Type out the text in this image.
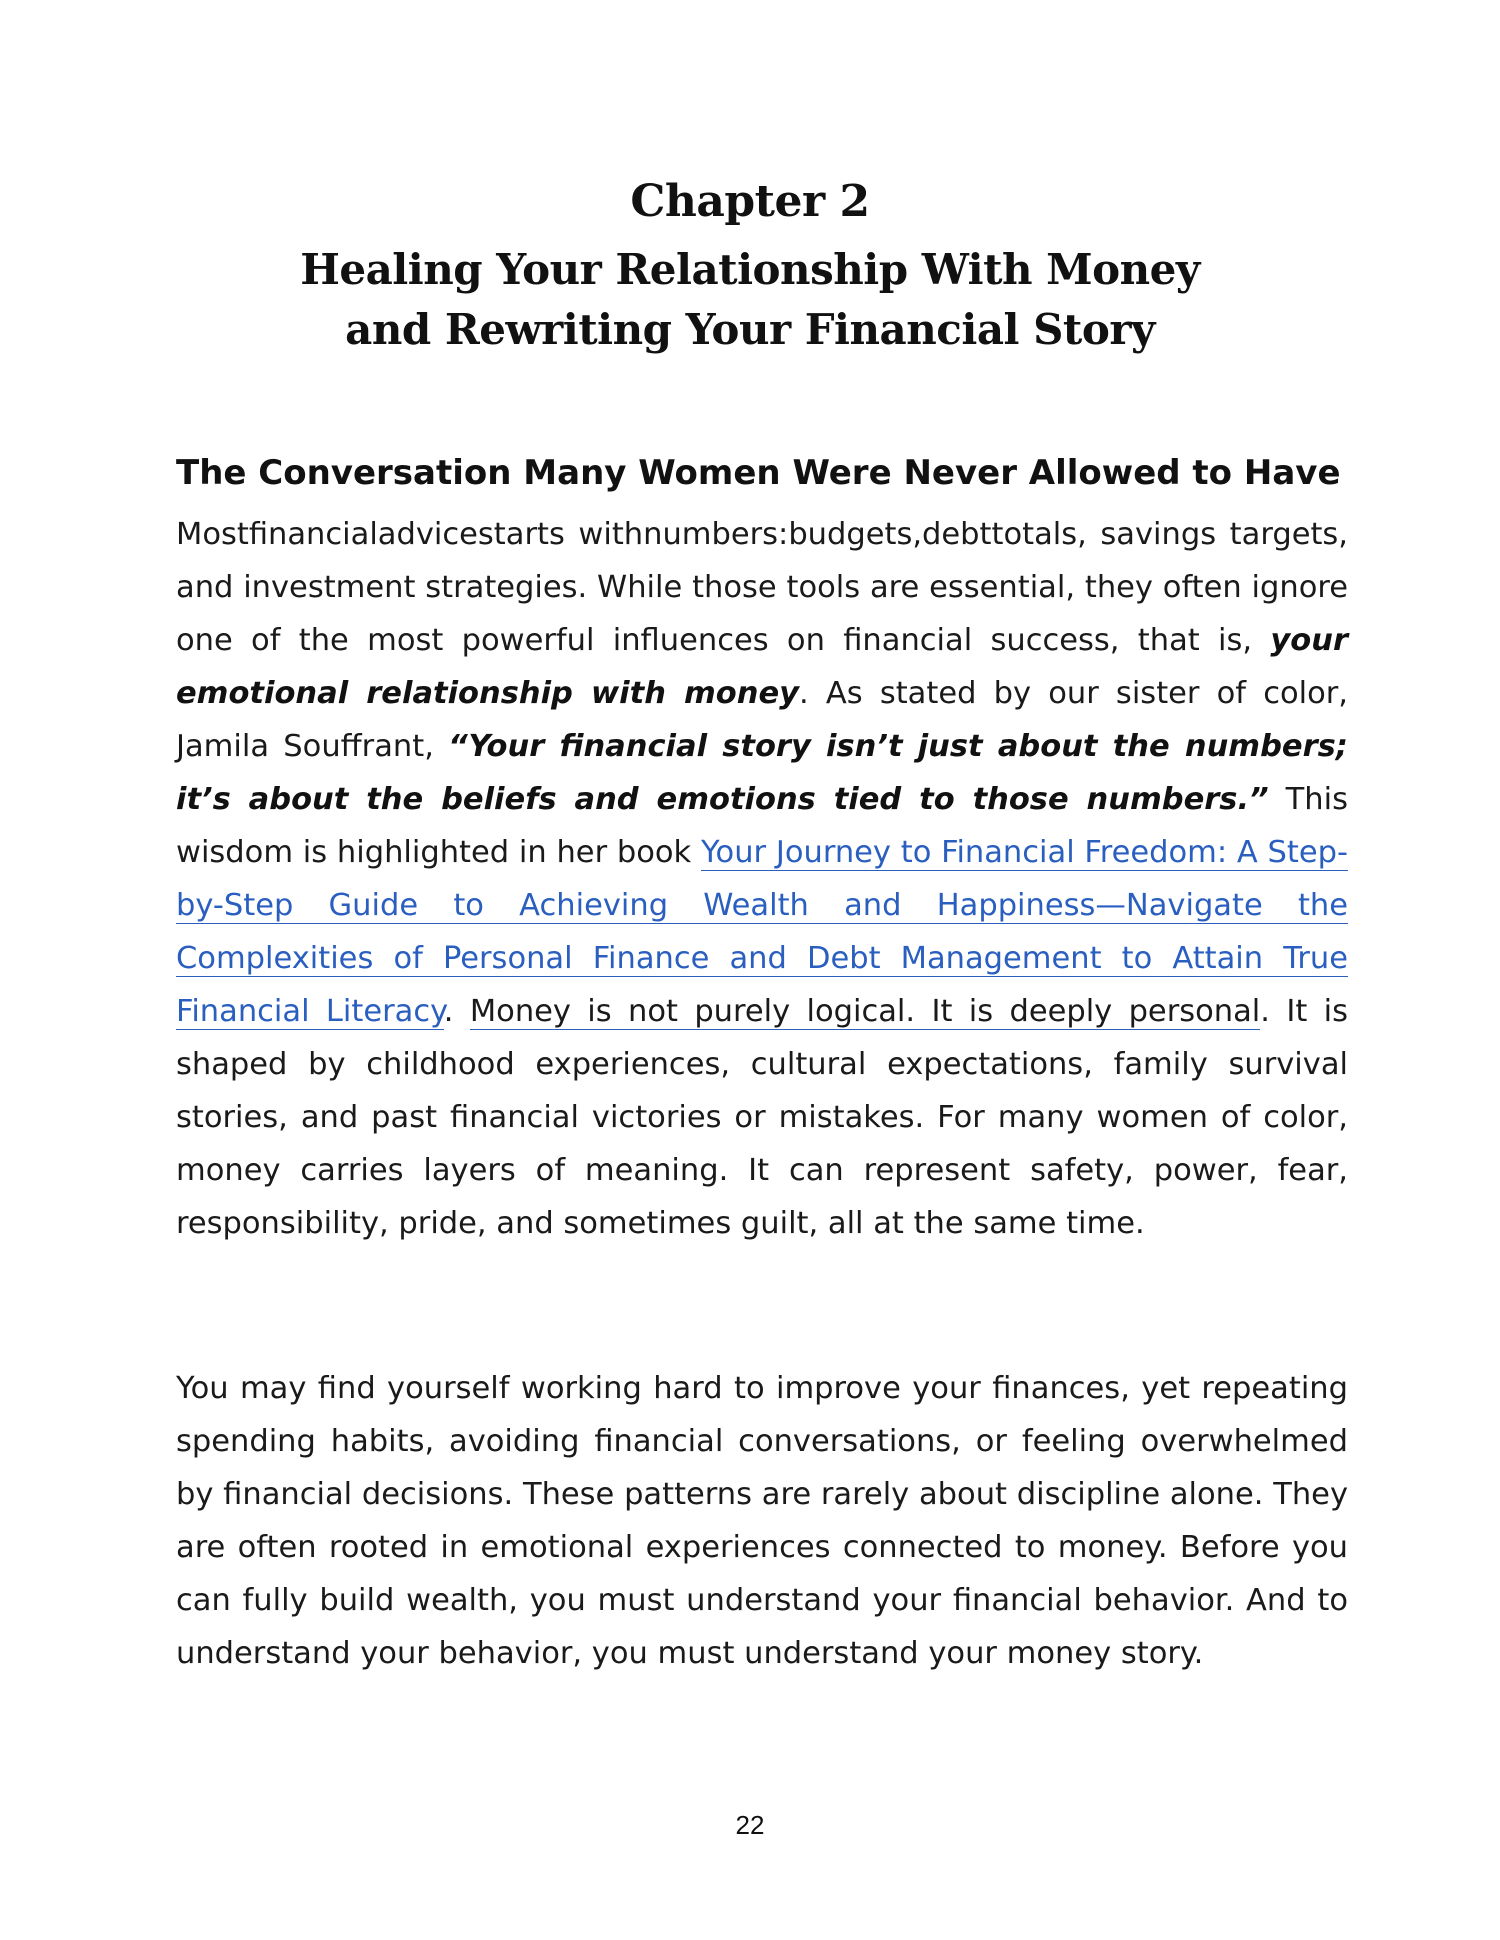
Chapter 2
Healing Your Relationship With Money
and Rewriting Your Financial Story
The Conversation Many Women Were Never Allowed to Have

Mostfinancialadvicestarts withnumbers:budgets,debttotals, savings targets, and investment strategies. While those tools are essential, they often ignore one of the most powerful influences on financial success, that is, your emotional relationship with money. As stated by our sister of color, Jamila Souffrant, “Your financial story isn’t just about the numbers; it’s about the beliefs and emotions tied to those numbers.” This wisdom is highlighted in her book Your Journey to Financial Freedom: A Step-by-Step Guide to Achieving Wealth and Happiness—Navigate the Complexities of Personal Finance and Debt Management to Attain True Financial Literacy. Money is not purely logical. It is deeply personal. It is shaped by childhood experiences, cultural expectations, family survival stories, and past financial victories or mistakes. For many women of color, money carries layers of meaning. It can represent safety, power, fear, responsibility, pride, and sometimes guilt, all at the same time.

You may find yourself working hard to improve your finances, yet repeating spending habits, avoiding financial conversations, or feeling overwhelmed by financial decisions. These patterns are rarely about discipline alone. They are often rooted in emotional experiences connected to money. Before you can fully build wealth, you must understand your financial behavior. And to understand your behavior, you must understand your money story.

22
